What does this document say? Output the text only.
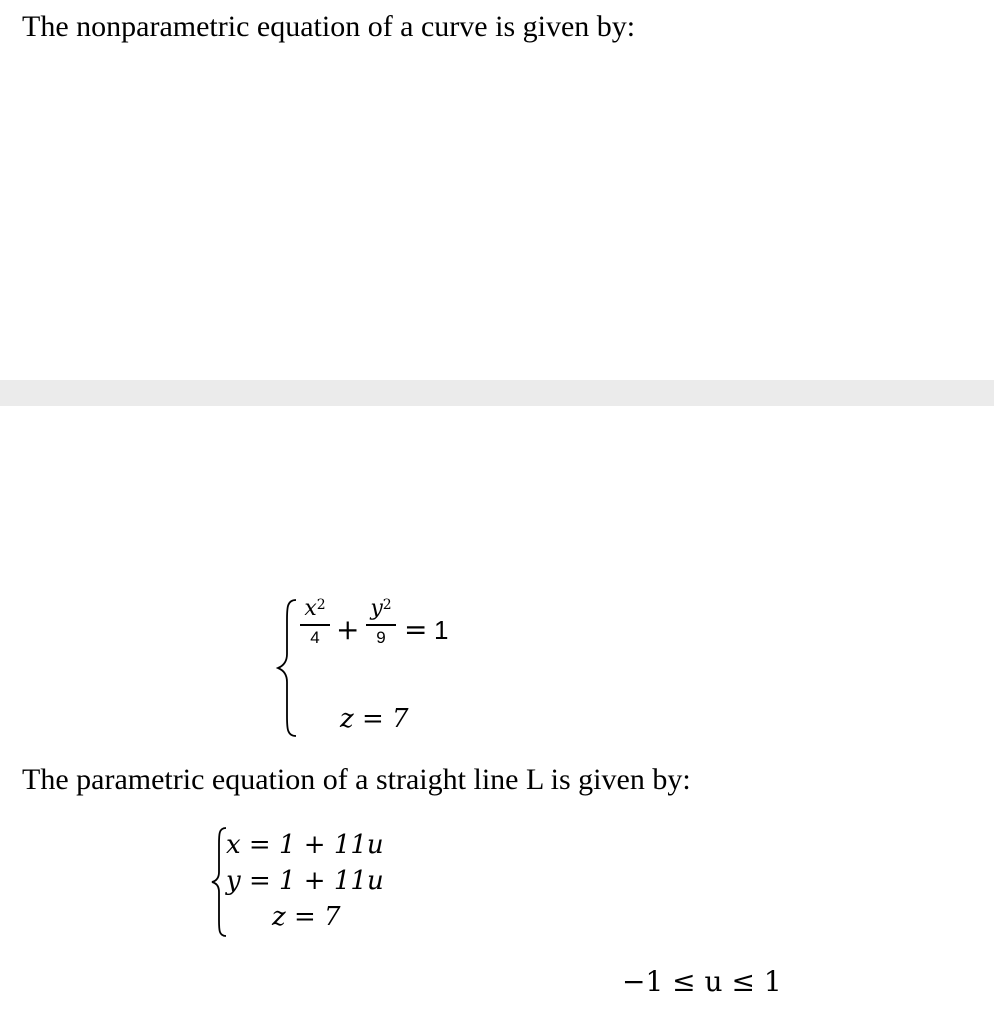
The nonparametric equation of a curve is given by:
$x^2$
4 +
$y^2$
9 = 1
z = 7
The parametric equation of a straight line L is given by:
x = 1 + 11u
y = 1 + 11u
z = 7
−1 ≤ u ≤ 1
